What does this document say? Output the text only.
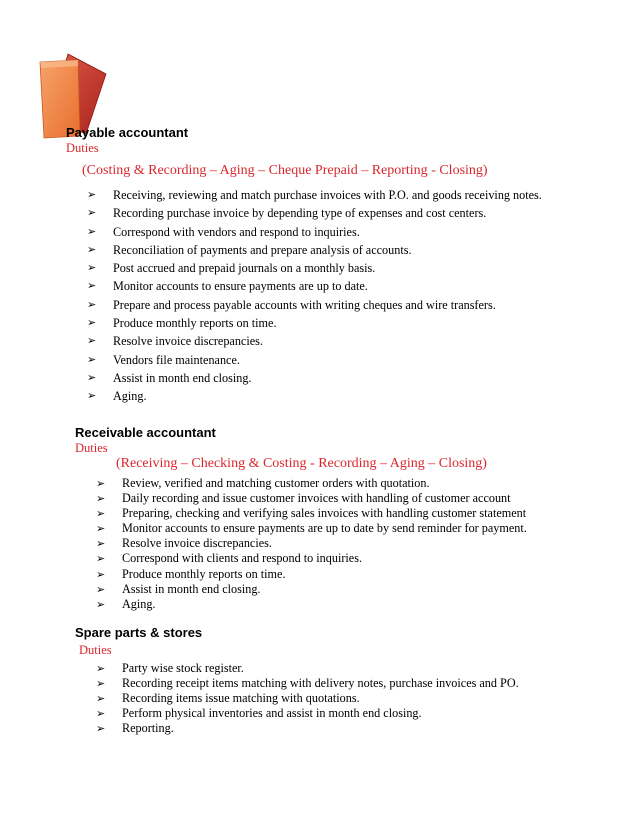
Payable accountant
Duties
(Costing & Recording – Aging – Cheque Prepaid – Reporting - Closing)
➢ Receiving, reviewing and match purchase invoices with P.O. and goods receiving notes.
➢ Recording purchase invoice by depending type of expenses and cost centers.
➢ Correspond with vendors and respond to inquiries.
➢ Reconciliation of payments and prepare analysis of accounts.
➢ Post accrued and prepaid journals on a monthly basis.
➢ Monitor accounts to ensure payments are up to date.
➢ Prepare and process payable accounts with writing cheques and wire transfers.
➢ Produce monthly reports on time.
➢ Resolve invoice discrepancies.
➢ Vendors file maintenance.
➢ Assist in month end closing.
➢ Aging.
Receivable accountant
Duties
(Receiving – Checking & Costing - Recording – Aging – Closing)
➢ Review, verified and matching customer orders with quotation.
➢ Daily recording and issue customer invoices with handling of customer account
➢ Preparing, checking and verifying sales invoices with handling customer statement
➢ Monitor accounts to ensure payments are up to date by send reminder for payment.
➢ Resolve invoice discrepancies.
➢ Correspond with clients and respond to inquiries.
➢ Produce monthly reports on time.
➢ Assist in month end closing.
➢ Aging.
Spare parts & stores
Duties
➢ Party wise stock register.
➢ Recording receipt items matching with delivery notes, purchase invoices and PO.
➢ Recording items issue matching with quotations.
➢ Perform physical inventories and assist in month end closing.
➢ Reporting.
